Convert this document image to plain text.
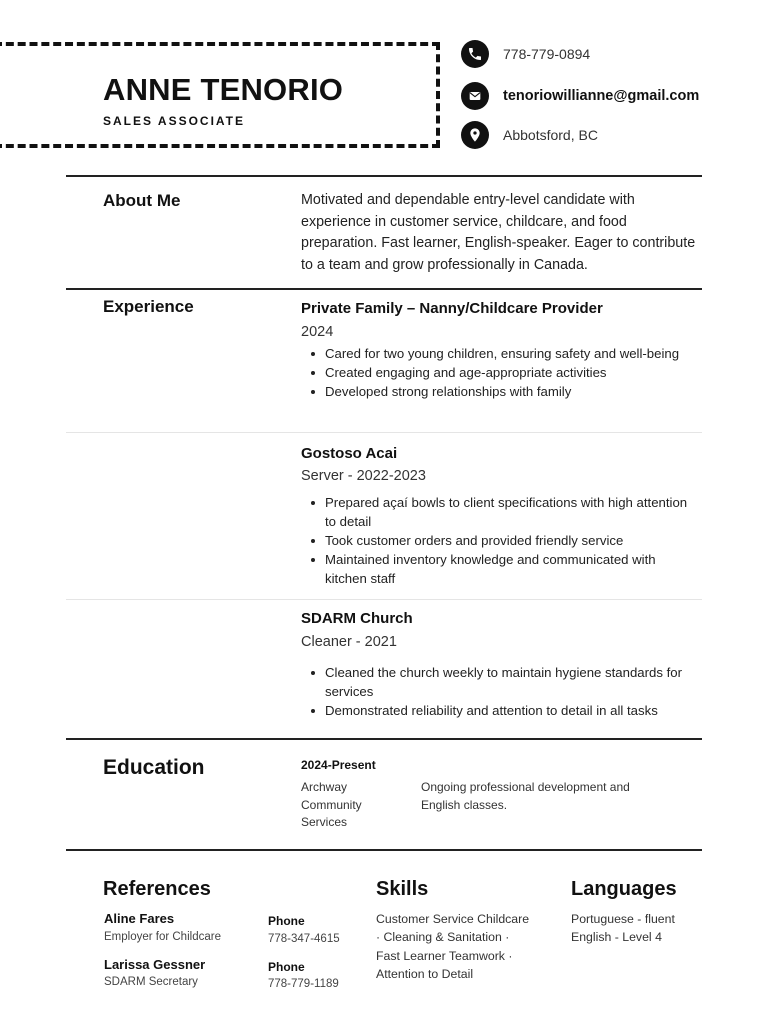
ANNE TENORIO
SALES ASSOCIATE
778-779-0894
tenoriowillianne@gmail.com
Abbotsford, BC
About Me	Motivated and dependable entry-level candidate with experience in customer service, childcare, and food preparation. Fast learner, English-speaker. Eager to contribute to a team and grow professionally in Canada.
Experience	Private Family – Nanny/Childcare Provider
2024
Cared for two young children, ensuring safety and well-being
Created engaging and age-appropriate activities
Developed strong relationships with family
Gostoso Acai
Server - 2022-2023
Prepared açaí bowls to client specifications with high attention to detail
Took customer orders and provided friendly service
Maintained inventory knowledge and communicated with kitchen staff
SDARM Church
Cleaner - 2021
Cleaned the church weekly to maintain hygiene standards for services
Demonstrated reliability and attention to detail in all tasks
Education	2024-Present
Archway Community Services
Ongoing professional development and English classes.
References
Aline Fares
Employer for Childcare
Phone
778-347-4615
Larissa Gessner
SDARM Secretary
Phone
778-779-1189
Skills
Customer Service Childcare · Cleaning & Sanitation · Fast Learner Teamwork · Attention to Detail
Languages
Portuguese - fluent
English - Level 4
